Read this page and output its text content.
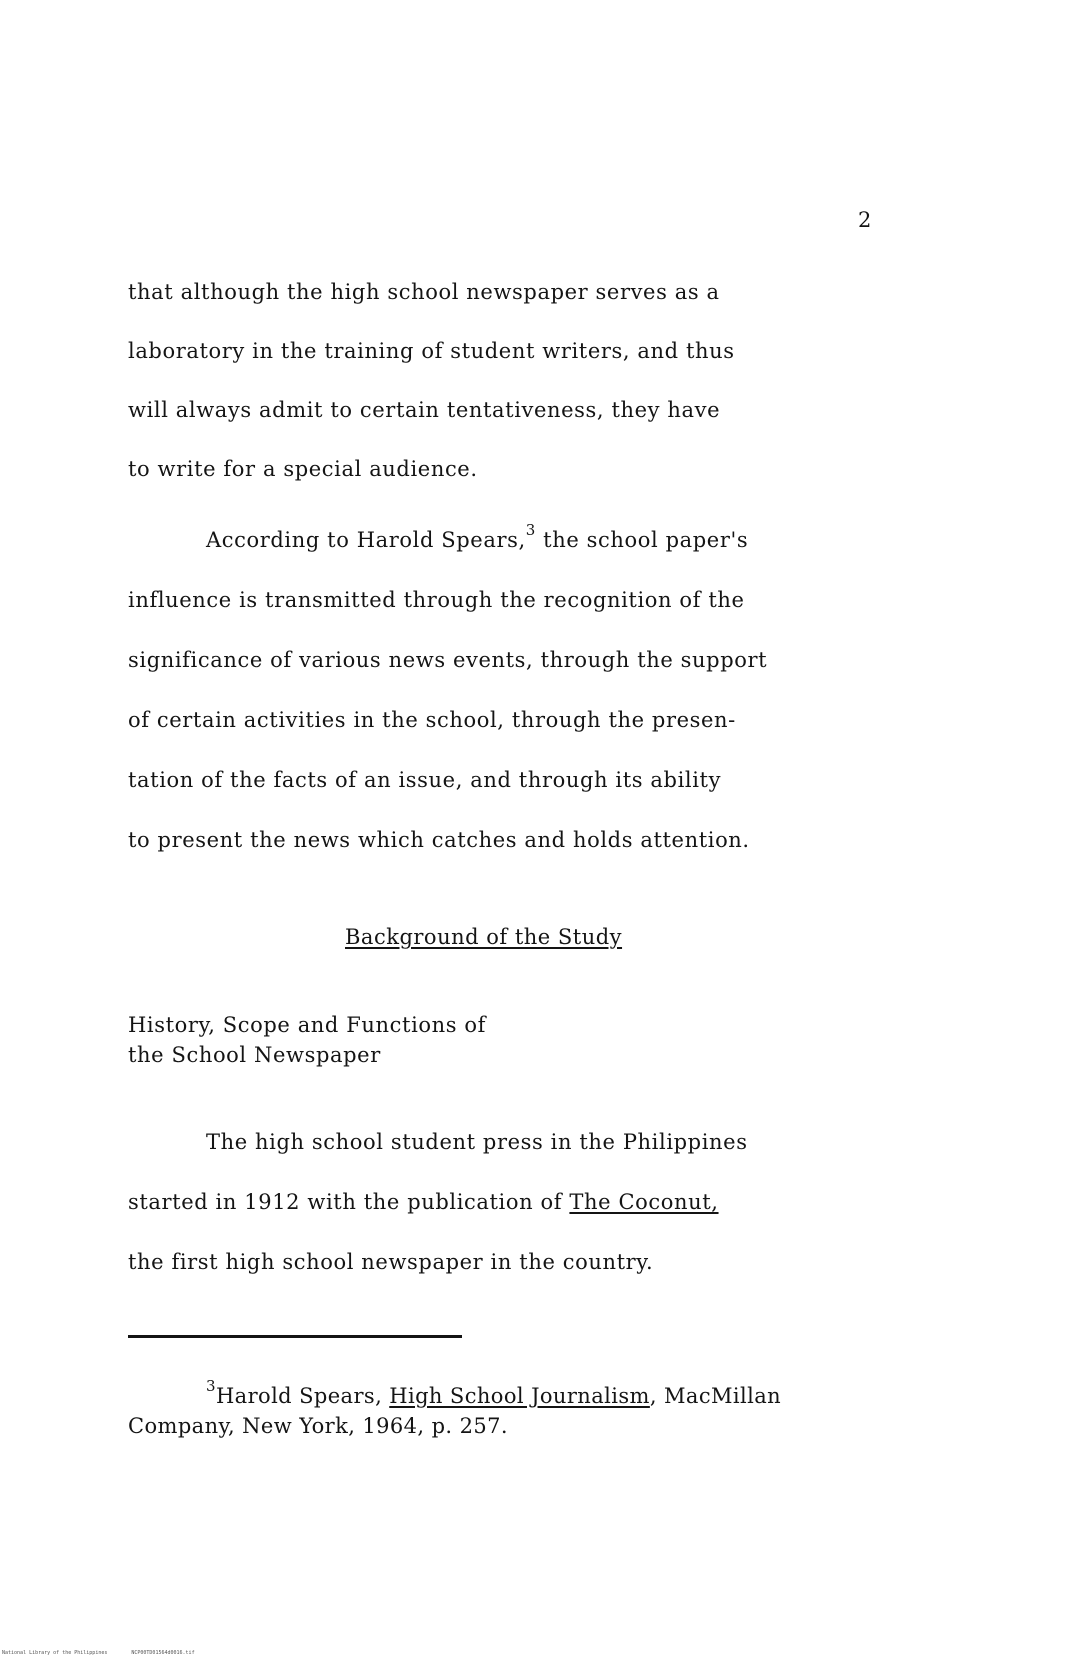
2
that although the high school newspaper serves as a
laboratory in the training of student writers, and thus
will always admit to certain tentativeness, they have
to write for a special audience.
According to Harold Spears,$^3$ the school paper's
influence is transmitted through the recognition of the
significance of various news events, through the support
of certain activities in the school, through the presen-
tation of the facts of an issue, and through its ability
to present the news which catches and holds attention.
Background of the Study
History, Scope and Functions of
the School Newspaper
The high school student press in the Philippines
started in 1912 with the publication of The Coconut,
the first high school newspaper in the country.
$^3$Harold Spears, High School Journalism, MacMillan
Company, New York, 1964, p. 257.
National Library of the Philippines	NCP00TD01564d0016.tif
